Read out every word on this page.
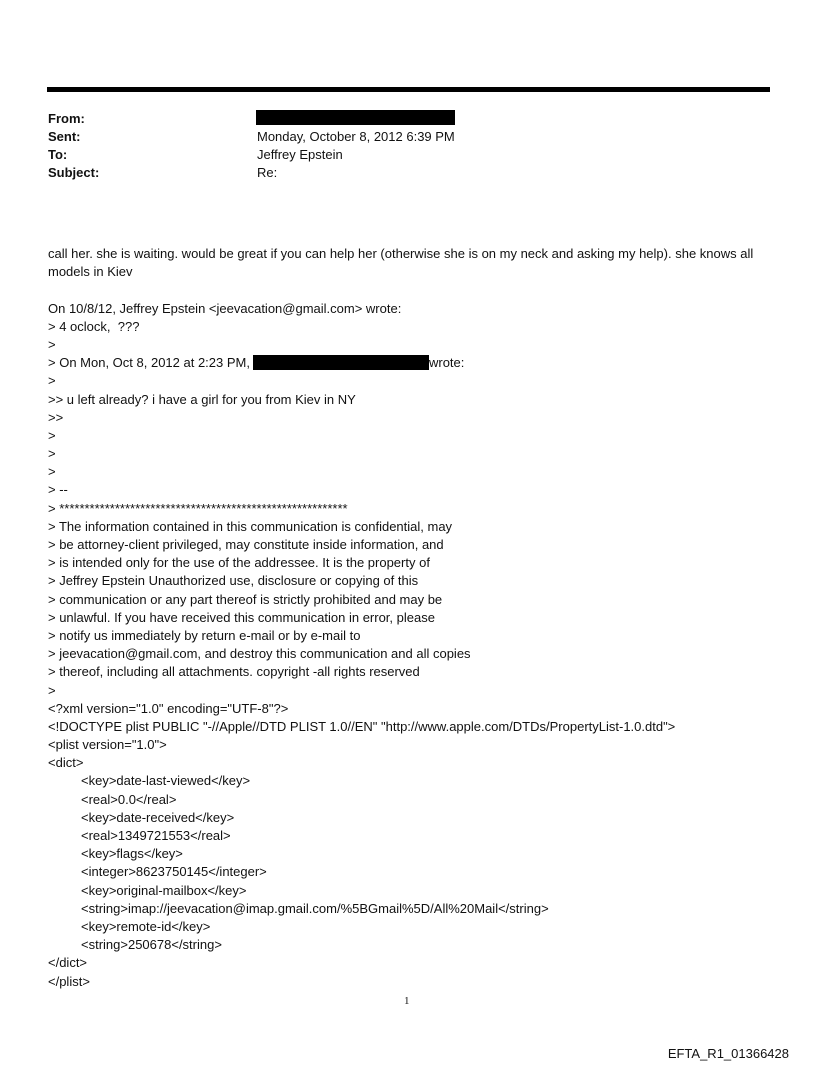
From:
Sent:	Monday, October 8, 2012 6:39 PM
To:	Jeffrey Epstein
Subject:	Re:
call her. she is waiting. would be great if you can help her (otherwise she is on my neck and asking my help). she knows all models in Kiev
On 10/8/12, Jeffrey Epstein <jeevacation@gmail.com> wrote:
> 4 oclock,  ???
>
> On Mon, Oct 8, 2012 at 2:23 PM,	wrote:
>
>> u left already? i have a girl for you from Kiev in NY
>>
>
>
>
> --
> *********************************************************
> The information contained in this communication is confidential, may
> be attorney-client privileged, may constitute inside information, and
> is intended only for the use of the addressee. It is the property of
> Jeffrey Epstein Unauthorized use, disclosure or copying of this
> communication or any part thereof is strictly prohibited and may be
> unlawful. If you have received this communication in error, please
> notify us immediately by return e-mail or by e-mail to
> jeevacation@gmail.com, and destroy this communication and all copies
> thereof, including all attachments. copyright -all rights reserved
>
<?xml version="1.0" encoding="UTF-8"?>
<!DOCTYPE plist PUBLIC "-//Apple//DTD PLIST 1.0//EN" "http://www.apple.com/DTDs/PropertyList-1.0.dtd">
<plist version="1.0">
<dict>
<key>date-last-viewed</key>
<real>0.0</real>
<key>date-received</key>
<real>1349721553</real>
<key>flags</key>
<integer>8623750145</integer>
<key>original-mailbox</key>
<string>imap://jeevacation@imap.gmail.com/%5BGmail%5D/All%20Mail</string>
<key>remote-id</key>
<string>250678</string>
</dict>
</plist>
1
EFTA_R1_01366428
